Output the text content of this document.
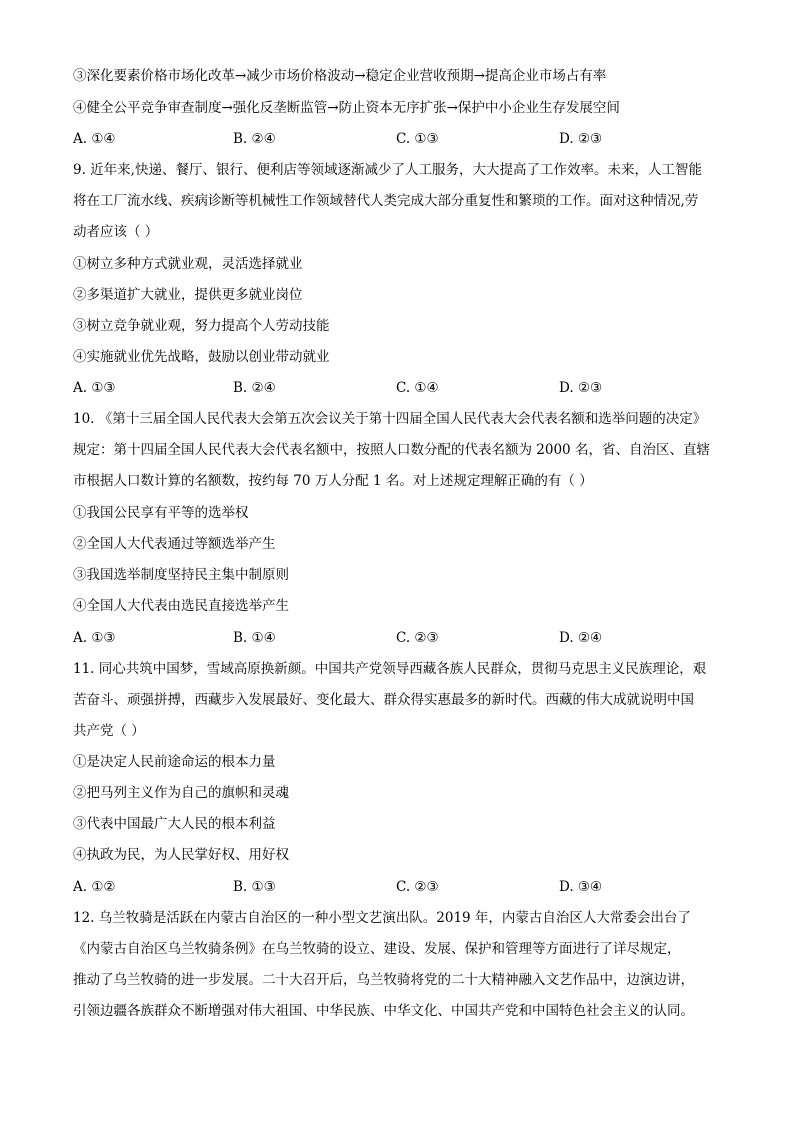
③深化要素价格市场化改革→减少市场价格波动→稳定企业营收预期→提高企业市场占有率
④健全公平竞争审查制度→强化反垄断监管→防止资本无序扩张→保护中小企业生存发展空间
A. ①④	B. ②④	C. ①③	D. ②③
9. 近年来,快递、餐厅、银行、便利店等领域逐渐减少了人工服务，大大提高了工作效率。未来，人工智能
将在工厂流水线、疾病诊断等机械性工作领域替代人类完成大部分重复性和繁琐的工作。面对这种情况,劳
动者应该（ ）
①树立多种方式就业观，灵活选择就业
②多渠道扩大就业，提供更多就业岗位
③树立竞争就业观，努力提高个人劳动技能
④实施就业优先战略，鼓励以创业带动就业
A. ①③	B. ②④	C. ①④	D. ②③
10. 《第十三届全国人民代表大会第五次会议关于第十四届全国人民代表大会代表名额和选举问题的决定》
规定：第十四届全国人民代表大会代表名额中，按照人口数分配的代表名额为 2000 名，省、自治区、直辖
市根据人口数计算的名额数，按约每 70 万人分配 1 名。对上述规定理解正确的有（ ）
①我国公民享有平等的选举权
②全国人大代表通过等额选举产生
③我国选举制度坚持民主集中制原则
④全国人大代表由选民直接选举产生
A. ①③	B. ①④	C. ②③	D. ②④
11. 同心共筑中国梦，雪域高原换新颜。中国共产党领导西藏各族人民群众，贯彻马克思主义民族理论，艰
苦奋斗、顽强拼搏，西藏步入发展最好、变化最大、群众得实惠最多的新时代。西藏的伟大成就说明中国
共产党（ ）
①是决定人民前途命运的根本力量
②把马列主义作为自己的旗帜和灵魂
③代表中国最广大人民的根本利益
④执政为民，为人民掌好权、用好权
A. ①②	B. ①③	C. ②③	D. ③④
12. 乌兰牧骑是活跃在内蒙古自治区的一种小型文艺演出队。2019 年，内蒙古自治区人大常委会出台了
《内蒙古自治区乌兰牧骑条例》在乌兰牧骑的设立、建设、发展、保护和管理等方面进行了详尽规定，
推动了乌兰牧骑的进一步发展。二十大召开后，乌兰牧骑将党的二十大精神融入文艺作品中，边演边讲，
引领边疆各族群众不断增强对伟大祖国、中华民族、中华文化、中国共产党和中国特色社会主义的认同。
